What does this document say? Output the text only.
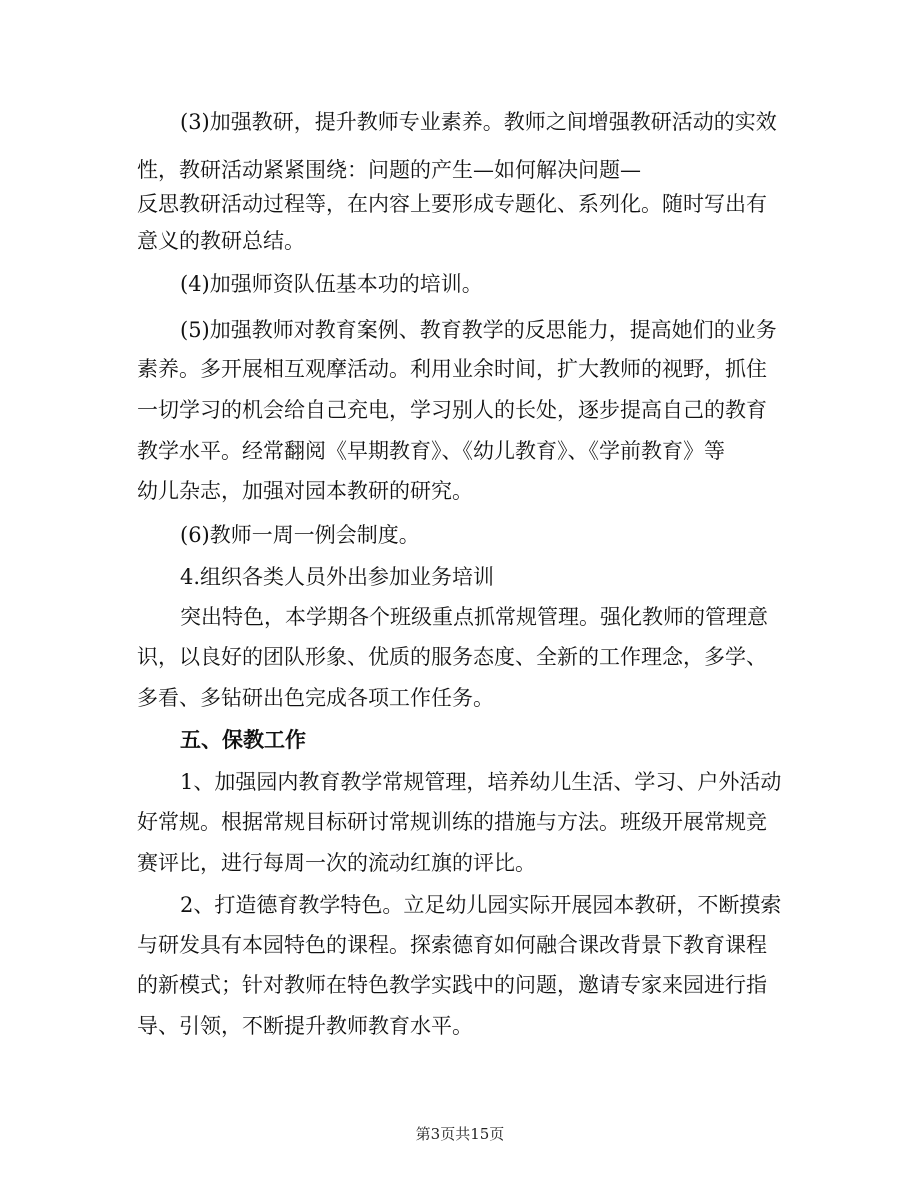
(3)加强教研，提升教师专业素养。教师之间增强教研活动的实效
性，教研活动紧紧围绕：问题的产生—如何解决问题—
反思教研活动过程等，在内容上要形成专题化、系列化。随时写出有
意义的教研总结。
(4)加强师资队伍基本功的培训。
(5)加强教师对教育案例、教育教学的反思能力，提高她们的业务
素养。多开展相互观摩活动。利用业余时间，扩大教师的视野，抓住
一切学习的机会给自己充电，学习别人的长处，逐步提高自己的教育
教学水平。经常翻阅《早期教育》、《幼儿教育》、《学前教育》等
幼儿杂志，加强对园本教研的研究。
(6)教师一周一例会制度。
4.组织各类人员外出参加业务培训
突出特色，本学期各个班级重点抓常规管理。强化教师的管理意
识，以良好的团队形象、优质的服务态度、全新的工作理念，多学、
多看、多钻研出色完成各项工作任务。
五、保教工作
1、加强园内教育教学常规管理，培养幼儿生活、学习、户外活动
好常规。根据常规目标研讨常规训练的措施与方法。班级开展常规竞
赛评比，进行每周一次的流动红旗的评比。
2、打造德育教学特色。立足幼儿园实际开展园本教研，不断摸索
与研发具有本园特色的课程。探索德育如何融合课改背景下教育课程
的新模式；针对教师在特色教学实践中的问题，邀请专家来园进行指
导、引领，不断提升教师教育水平。
第3页共15页
